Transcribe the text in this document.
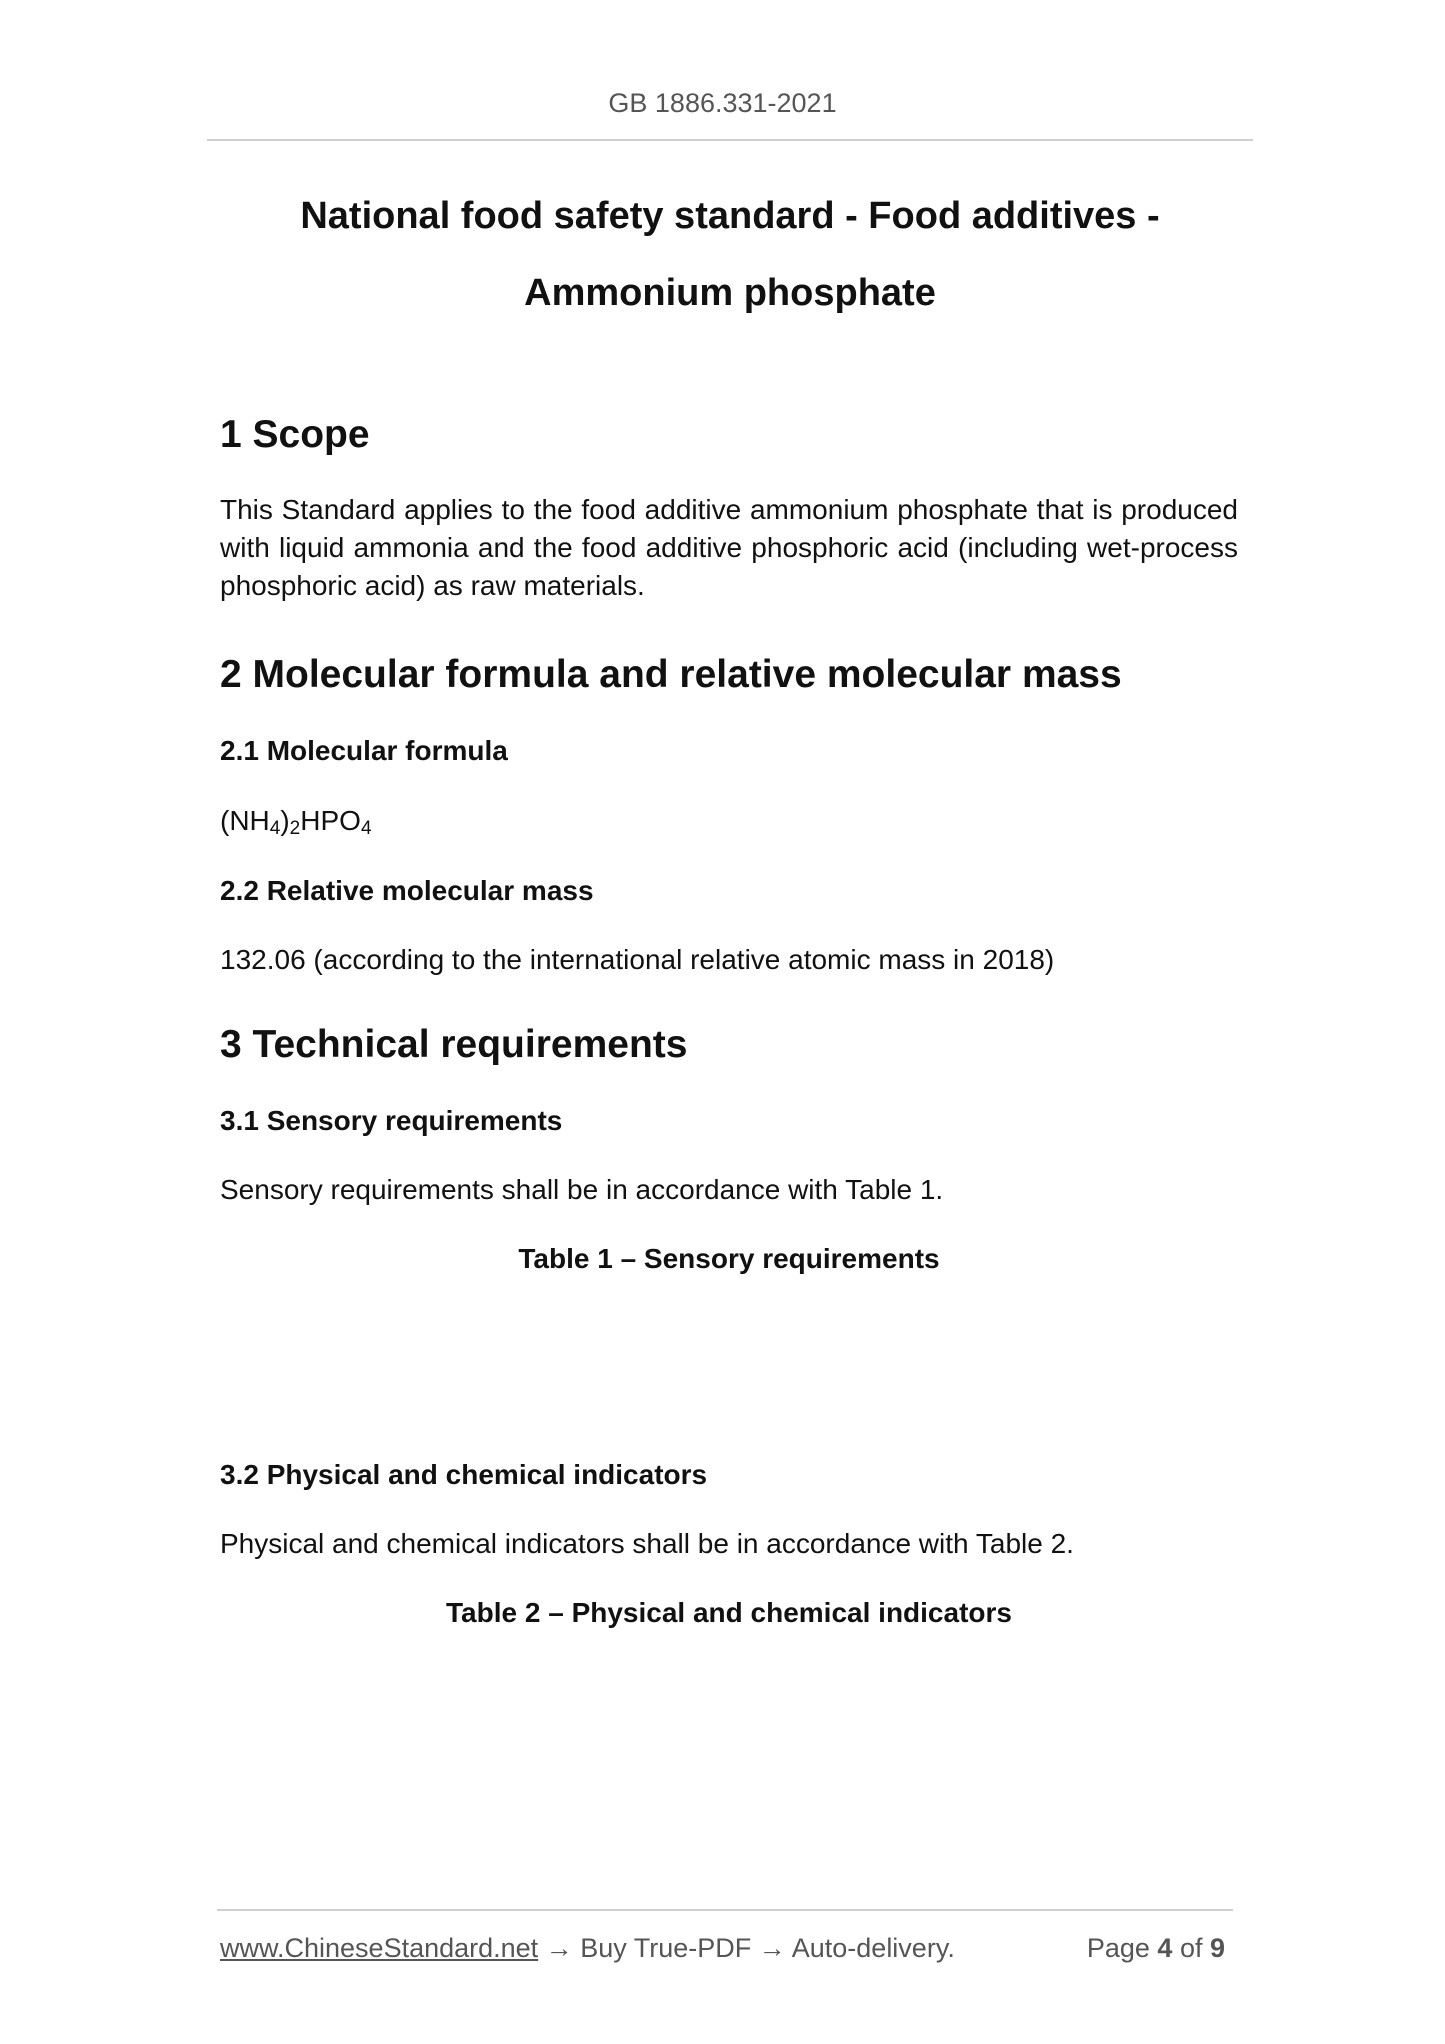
GB 1886.331-2021
National food safety standard - Food additives -
Ammonium phosphate
1 Scope

This Standard applies to the food additive ammonium phosphate that is produced with liquid ammonia and the food additive phosphoric acid (including wet-process phosphoric acid) as raw materials.

2 Molecular formula and relative molecular mass
2.1 Molecular formula

$(NH_4)_2HPO_4$

2.2 Relative molecular mass

132.06 (according to the international relative atomic mass in 2018)

3 Technical requirements
3.1 Sensory requirements

Sensory requirements shall be in accordance with Table 1.

Table 1 – Sensory requirements

3.2 Physical and chemical indicators

Physical and chemical indicators shall be in accordance with Table 2.

Table 2 – Physical and chemical indicators

www.ChineseStandard.net → Buy True-PDF → Auto-delivery.	Page 4 of 9
